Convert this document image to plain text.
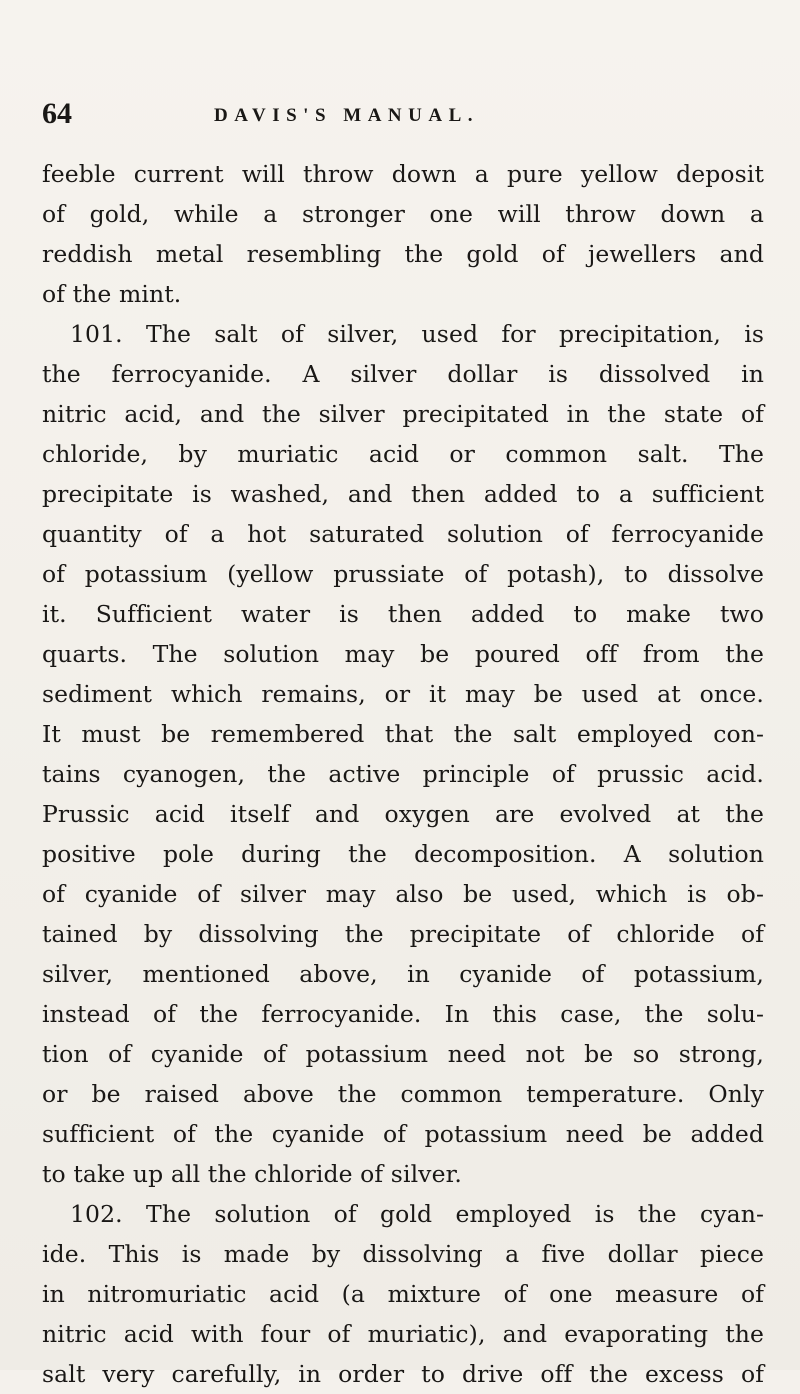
64	DAVIS'S MANUAL.
feeble current will throw down a pure yellow deposit
of gold, while a stronger one will throw down a
reddish metal resembling the gold of jewellers and
of the mint.
101. The salt of silver, used for precipitation, is
the ferrocyanide. A silver dollar is dissolved in
nitric acid, and the silver precipitated in the state of
chloride, by muriatic acid or common salt. The
precipitate is washed, and then added to a sufficient
quantity of a hot saturated solution of ferrocyanide
of potassium (yellow prussiate of potash), to dissolve
it. Sufficient water is then added to make two
quarts. The solution may be poured off from the
sediment which remains, or it may be used at once.
It must be remembered that the salt employed con-
tains cyanogen, the active principle of prussic acid.
Prussic acid itself and oxygen are evolved at the
positive pole during the decomposition. A solution
of cyanide of silver may also be used, which is ob-
tained by dissolving the precipitate of chloride of
silver, mentioned above, in cyanide of potassium,
instead of the ferrocyanide. In this case, the solu-
tion of cyanide of potassium need not be so strong,
or be raised above the common temperature. Only
sufficient of the cyanide of potassium need be added
to take up all the chloride of silver.
102. The solution of gold employed is the cyan-
ide. This is made by dissolving a five dollar piece
in nitromuriatic acid (a mixture of one measure of
nitric acid with four of muriatic), and evaporating the
salt very carefully, in order to drive off the excess of
